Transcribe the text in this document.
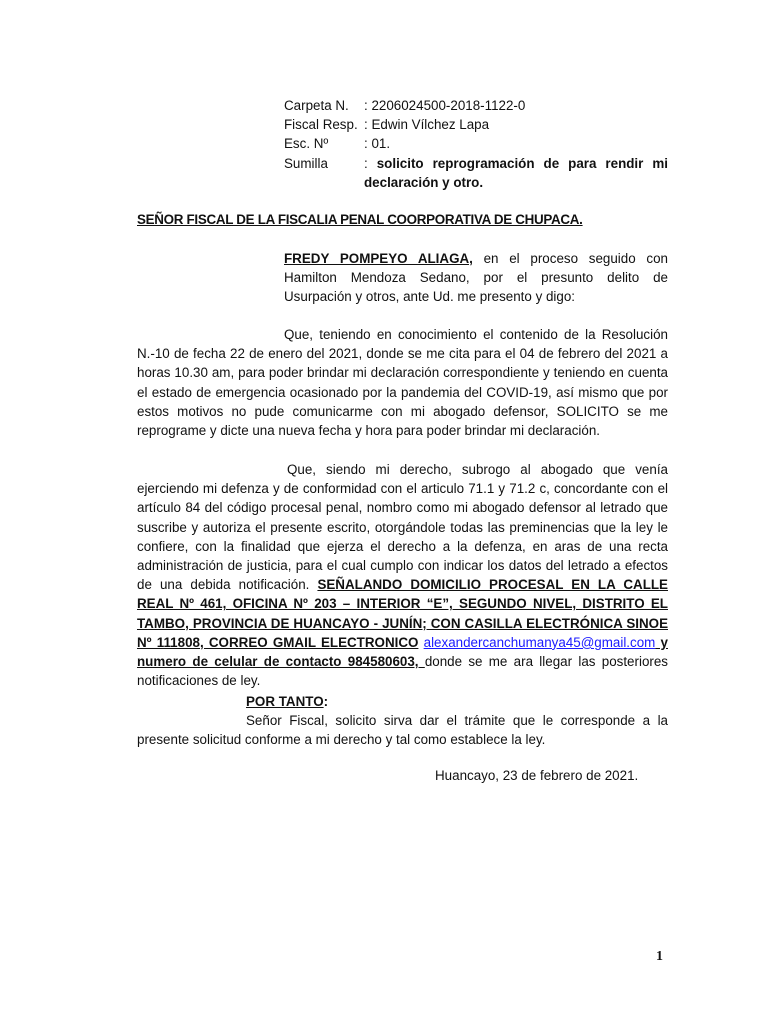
Carpeta N.	: 2206024500-2018-1122-0
Fiscal Resp. : Edwin Vílchez Lapa
Esc. Nº	: 01.
Sumilla	: solicito reprogramación de para rendir mi declaración y otro.
SEÑOR FISCAL DE LA FISCALIA PENAL COORPORATIVA DE CHUPACA.
FREDY POMPEYO ALIAGA, en el proceso seguido con Hamilton Mendoza Sedano, por el presunto delito de Usurpación y otros, ante Ud. me presento y digo:
Que, teniendo en conocimiento el contenido de la Resolución N.-10 de fecha 22 de enero del 2021, donde se me cita para el 04 de febrero del 2021 a horas 10.30 am, para poder brindar mi declaración correspondiente y teniendo en cuenta el estado de emergencia ocasionado por la pandemia del COVID-19, así mismo que por estos motivos no pude comunicarme con mi abogado defensor, SOLICITO se me reprograme y dicte una nueva fecha y hora para poder brindar mi declaración.
Que, siendo mi derecho, subrogo al abogado que venía ejerciendo mi defenza y de conformidad con el articulo 71.1 y 71.2 c, concordante con el artículo 84 del código procesal penal, nombro como mi abogado defensor al letrado que suscribe y autoriza el presente escrito, otorgándole todas las preminencias que la ley le confiere, con la finalidad que ejerza el derecho a la defenza, en aras de una recta administración de justicia, para el cual cumplo con indicar los datos del letrado a efectos de una debida notificación. SEÑALANDO DOMICILIO PROCESAL EN LA CALLE REAL Nº 461, OFICINA Nº 203 – INTERIOR “E”, SEGUNDO NIVEL, DISTRITO EL TAMBO, PROVINCIA DE HUANCAYO - JUNÍN; CON CASILLA ELECTRÓNICA SINOE Nº 111808, CORREO GMAIL ELECTRONICO alexandercanchumanya45@gmail.com y numero de celular de contacto 984580603, donde se me ara llegar las posteriores notificaciones de ley.
POR TANTO:
Señor Fiscal, solicito sirva dar el trámite que le corresponde a la presente solicitud conforme a mi derecho y tal como establece la ley.
Huancayo, 23 de febrero de 2021.
1
